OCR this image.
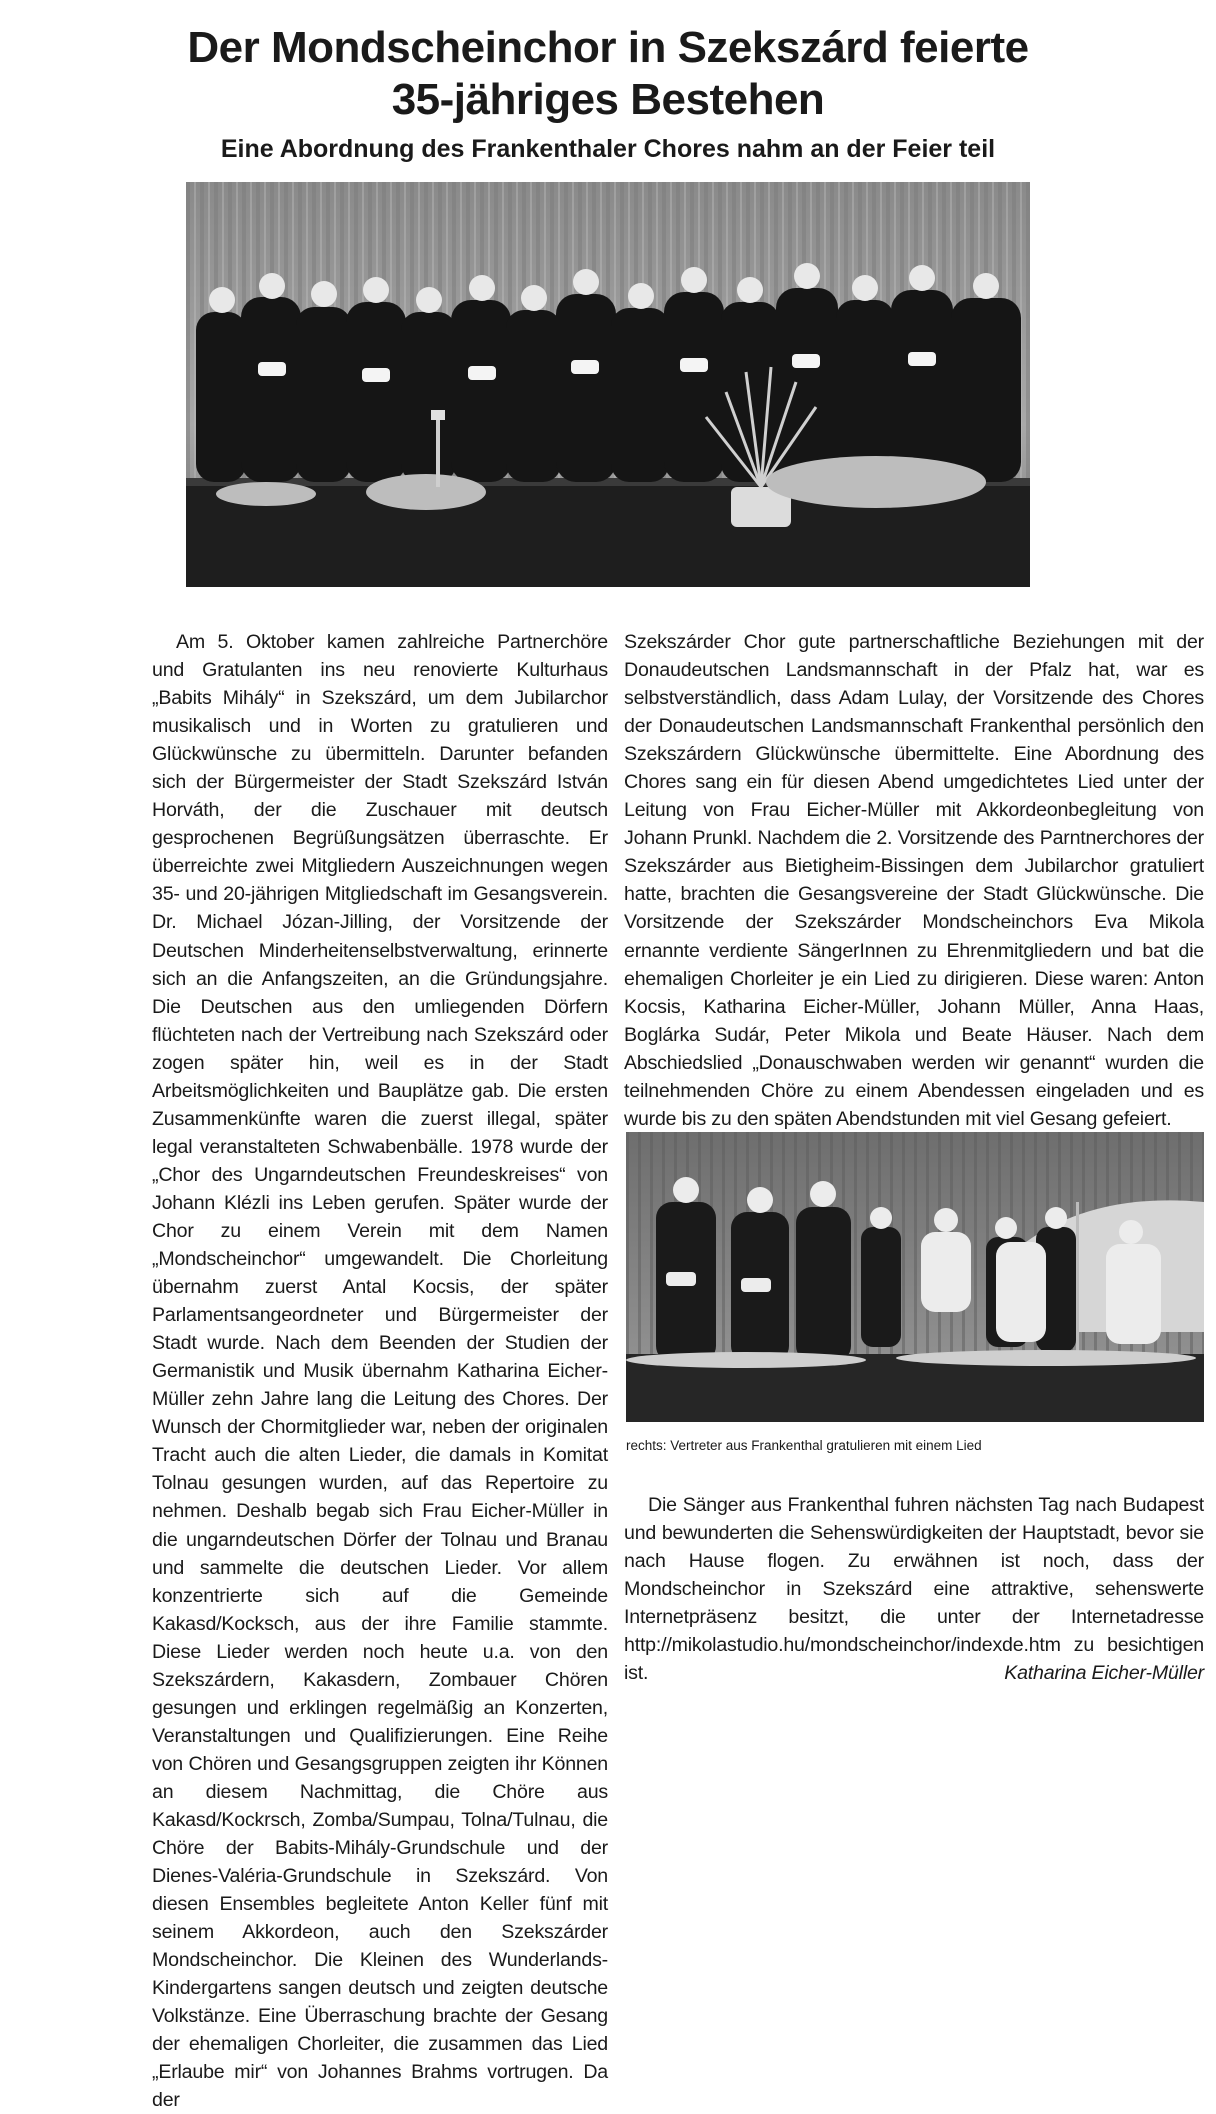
Der Mondscheinchor in Szekszárd feierte
35-jähriges Bestehen
Eine Abordnung des Frankenthaler Chores nahm an der Feier teil

Am 5. Oktober kamen zahlreiche Partnerchöre und Gratulanten ins neu renovierte Kulturhaus „Babits Mihály“ in Szekszárd, um dem Jubilarchor musikalisch und in Worten zu gratulieren und Glückwünsche zu übermitteln. Darunter befanden sich der Bürgermeister der Stadt Szekszárd István Horváth, der die Zuschauer mit deutsch gesprochenen Begrüßungsätzen überraschte. Er überreichte zwei Mitgliedern Auszeichnungen wegen 35- und 20-jährigen Mitgliedschaft im Gesangsverein. Dr. Michael Józan-Jilling, der Vorsitzende der Deutschen Minderheitenselbstverwaltung, erinnerte sich an die Anfangszeiten, an die Gründungsjahre. Die Deutschen aus den umliegenden Dörfern flüchteten nach der Vertreibung nach Szekszárd oder zogen später hin, weil es in der Stadt Arbeitsmöglichkeiten und Bauplätze gab. Die ersten Zusammenkünfte waren die zuerst illegal, später legal veranstalteten Schwabenbälle. 1978 wurde der „Chor des Ungarndeutschen Freundeskreises“ von Johann Klézli ins Leben gerufen. Später wurde der Chor zu einem Verein mit dem Namen „Mondscheinchor“ umgewandelt. Die Chorleitung übernahm zuerst Antal Kocsis, der später Parlamentsangeordneter und Bürgermeister der Stadt wurde. Nach dem Beenden der Studien der Germanistik und Musik übernahm Katharina Eicher-Müller zehn Jahre lang die Leitung des Chores. Der Wunsch der Chormitglieder war, neben der originalen Tracht auch die alten Lieder, die damals in Komitat Tolnau gesungen wurden, auf das Repertoire zu nehmen. Deshalb begab sich Frau Eicher-Müller in die ungarndeutschen Dörfer der Tolnau und Branau und sammelte die deutschen Lieder. Vor allem konzentrierte sich auf die Gemeinde Kakasd/Kocksch, aus der ihre Familie stammte. Diese Lieder werden noch heute u.a. von den Szekszárdern, Kakasdern, Zombauer Chören gesungen und erklingen regelmäßig an Konzerten, Veranstaltungen und Qualifizierungen. Eine Reihe von Chören und Gesangsgruppen zeigten ihr Können an diesem Nachmittag, die Chöre aus Kakasd/Kockrsch, Zomba/Sumpau, Tolna/Tulnau, die Chöre der Babits-Mihály-Grundschule und der Dienes-Valéria-Grundschule in Szekszárd. Von diesen Ensembles begleitete Anton Keller fünf mit seinem Akkordeon, auch den Szekszárder Mondscheinchor. Die Kleinen des Wunderlands-Kindergartens sangen deutsch und zeigten deutsche Volkstänze. Eine Überraschung brachte der Gesang der ehemaligen Chorleiter, die zusammen das Lied „Erlaube mir“ von Johannes Brahms vortrugen. Da der

Szekszárder Chor gute partnerschaftliche Beziehungen mit der Donaudeutschen Landsmannschaft in der Pfalz hat, war es selbstverständlich, dass Adam Lulay, der Vorsitzende des Chores der Donaudeutschen Landsmannschaft Frankenthal persönlich den Szekszárdern Glückwünsche übermittelte. Eine Abordnung des Chores sang ein für diesen Abend umgedichtetes Lied unter der Leitung von Frau Eicher-Müller mit Akkordeonbegleitung von Johann Prunkl. Nachdem die 2. Vorsitzende des Parntnerchores der Szekszárder aus Bietigheim-Bissingen dem Jubilarchor gratuliert hatte, brachten die Gesangsvereine der Stadt Glückwünsche. Die Vorsitzende der Szekszárder Mondscheinchors Eva Mikola ernannte verdiente SängerInnen zu Ehrenmitgliedern und bat die ehemaligen Chorleiter je ein Lied zu dirigieren. Diese waren: Anton Kocsis, Katharina Eicher-Müller, Johann Müller, Anna Haas, Boglárka Sudár, Peter Mikola und Beate Häuser. Nach dem Abschiedslied „Donauschwaben werden wir genannt“ wurden die teilnehmenden Chöre zu einem Abendessen eingeladen und es wurde bis zu den späten Abendstunden mit viel Gesang gefeiert.

rechts: Vertreter aus Frankenthal gratulieren mit einem Lied

Die Sänger aus Frankenthal fuhren nächsten Tag nach Budapest und bewunderten die Sehenswürdigkeiten der Hauptstadt, bevor sie nach Hause flogen. Zu erwähnen ist noch, dass der Mondscheinchor in Szekszárd eine attraktive, sehenswerte Internetpräsenz besitzt, die unter der Internetadresse http://mikolastudio.hu/mondscheinchor/indexde.htm zu besichtigen ist.	Katharina Eicher-Müller
